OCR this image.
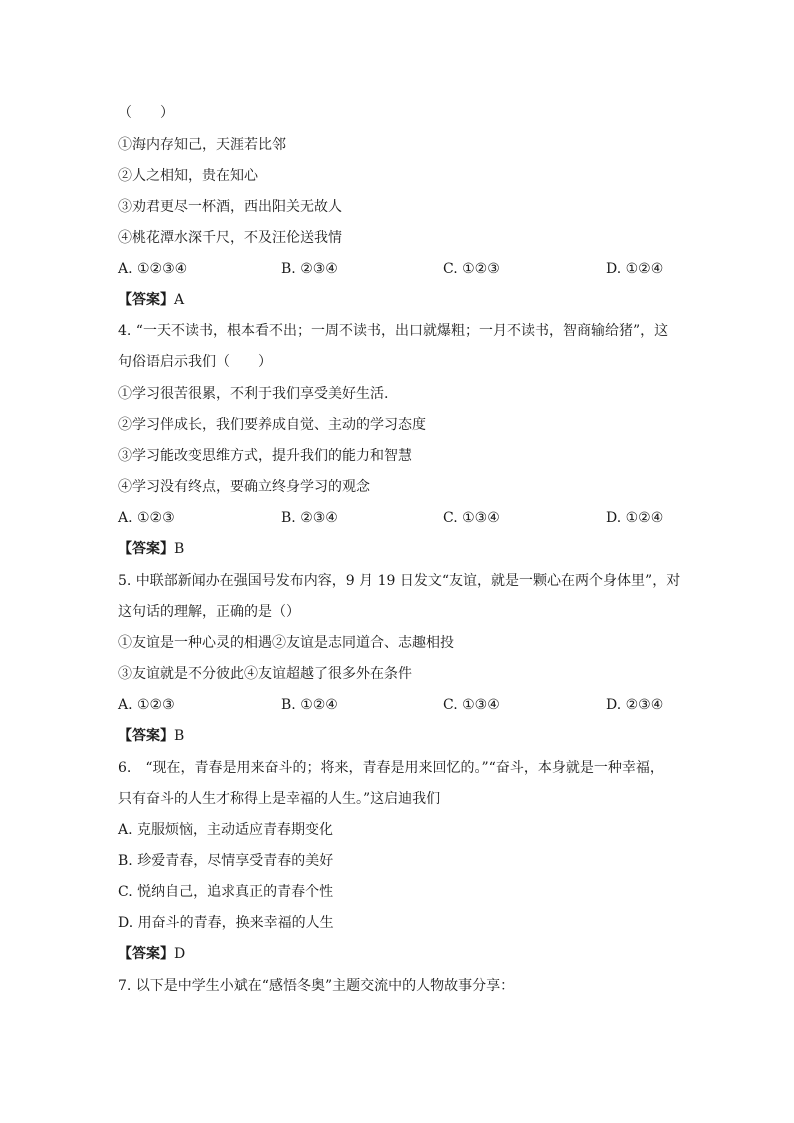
（　　）
①海内存知己，天涯若比邻
②人之相知，贵在知心
③劝君更尽一杯酒，西出阳关无故人
④桃花潭水深千尺，不及汪伦送我情
A. ①②③④	B. ②③④	C. ①②③	D. ①②④
【答案】A
4. “一天不读书，根本看不出；一周不读书，出口就爆粗；一月不读书，智商输给猪”，这
句俗语启示我们（　　）
①学习很苦很累，不利于我们享受美好生活.
②学习伴成长，我们要养成自觉、主动的学习态度
③学习能改变思维方式，提升我们的能力和智慧
④学习没有终点，要确立终身学习的观念
A. ①②③	B. ②③④	C. ①③④	D. ①②④
【答案】B
5. 中联部新闻办在强国号发布内容，9 月 19 日发文“友谊，就是一颗心在两个身体里”，对
这句话的理解，正确的是（）
①友谊是一种心灵的相遇②友谊是志同道合、志趣相投
③友谊就是不分彼此④友谊超越了很多外在条件
A. ①②③	B. ①②④	C. ①③④	D. ②③④
【答案】B
6.　“现在，青春是用来奋斗的；将来，青春是用来回忆的。”“奋斗，本身就是一种幸福，
只有奋斗的人生才称得上是幸福的人生。”这启迪我们
A. 克服烦恼，主动适应青春期变化
B. 珍爱青春，尽情享受青春的美好
C. 悦纳自己，追求真正的青春个性
D. 用奋斗的青春，换来幸福的人生
【答案】D
7. 以下是中学生小斌在“感悟冬奥”主题交流中的人物故事分享：
